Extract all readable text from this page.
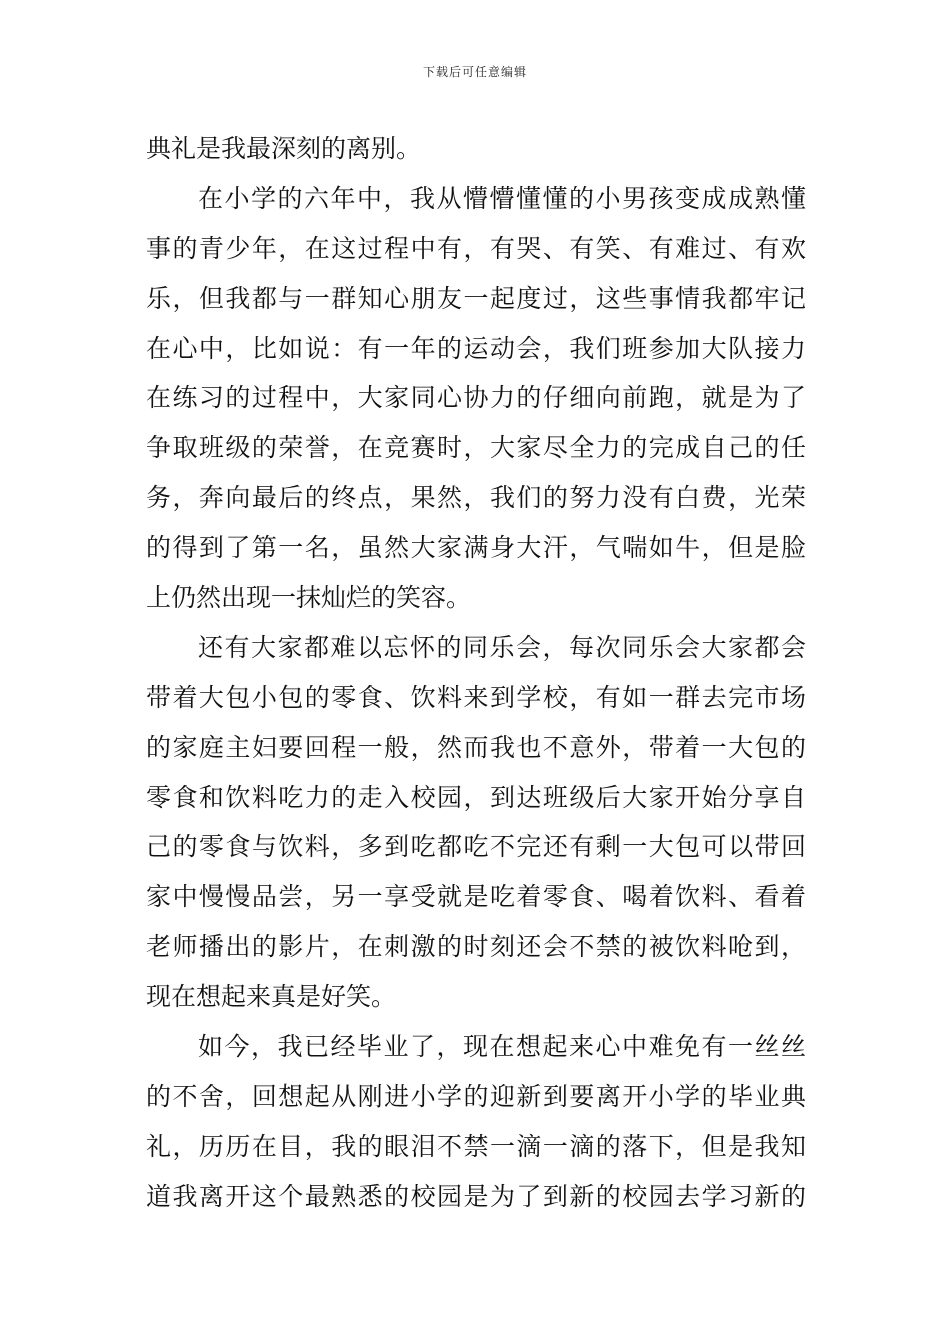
下载后可任意编辑
典礼是我最深刻的离别。
在小学的六年中，我从懵懵懂懂的小男孩变成成熟懂
事的青少年，在这过程中有，有哭、有笑、有难过、有欢
乐，但我都与一群知心朋友一起度过，这些事情我都牢记
在心中，比如说：有一年的运动会，我们班参加大队接力
在练习的过程中，大家同心协力的仔细向前跑，就是为了
争取班级的荣誉，在竞赛时，大家尽全力的完成自己的任
务，奔向最后的终点，果然，我们的努力没有白费，光荣
的得到了第一名，虽然大家满身大汗，气喘如牛，但是脸
上仍然出现一抹灿烂的笑容。
还有大家都难以忘怀的同乐会，每次同乐会大家都会
带着大包小包的零食、饮料来到学校，有如一群去完市场
的家庭主妇要回程一般，然而我也不意外，带着一大包的
零食和饮料吃力的走入校园，到达班级后大家开始分享自
己的零食与饮料，多到吃都吃不完还有剩一大包可以带回
家中慢慢品尝，另一享受就是吃着零食、喝着饮料、看着
老师播出的影片，在刺激的时刻还会不禁的被饮料呛到，
现在想起来真是好笑。
如今，我已经毕业了，现在想起来心中难免有一丝丝
的不舍，回想起从刚进小学的迎新到要离开小学的毕业典
礼，历历在目，我的眼泪不禁一滴一滴的落下，但是我知
道我离开这个最熟悉的校园是为了到新的校园去学习新的
